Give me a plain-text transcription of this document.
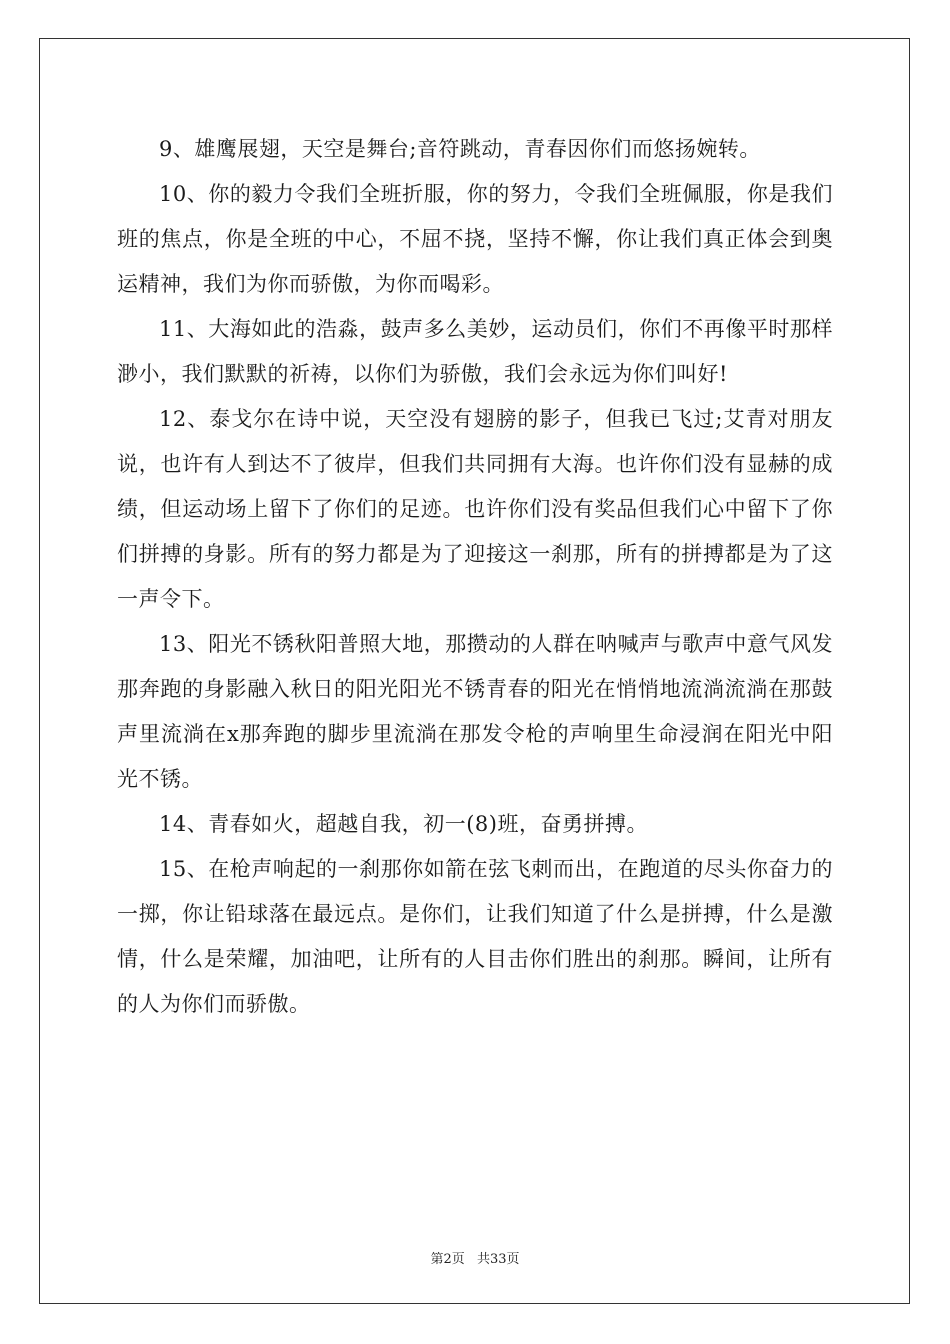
9、雄鹰展翅，天空是舞台;音符跳动，青春因你们而悠扬婉转。

10、你的毅力令我们全班折服，你的努力，令我们全班佩服，你是我们班的焦点，你是全班的中心，不屈不挠，坚持不懈，你让我们真正体会到奥运精神，我们为你而骄傲，为你而喝彩。

11、大海如此的浩淼，鼓声多么美妙，运动员们，你们不再像平时那样渺小，我们默默的祈祷，以你们为骄傲，我们会永远为你们叫好!

12、泰戈尔在诗中说，天空没有翅膀的影子，但我已飞过;艾青对朋友说，也许有人到达不了彼岸，但我们共同拥有大海。也许你们没有显赫的成绩，但运动场上留下了你们的足迹。也许你们没有奖品但我们心中留下了你们拼搏的身影。所有的努力都是为了迎接这一刹那，所有的拼搏都是为了这一声令下。

13、阳光不锈秋阳普照大地，那攒动的人群在呐喊声与歌声中意气风发那奔跑的身影融入秋日的阳光阳光不锈青春的阳光在悄悄地流淌流淌在那鼓声里流淌在x那奔跑的脚步里流淌在那发令枪的声响里生命浸润在阳光中阳光不锈。

14、青春如火，超越自我，初一(8)班，奋勇拼搏。

15、在枪声响起的一刹那你如箭在弦飞刺而出，在跑道的尽头你奋力的一掷，你让铅球落在最远点。是你们，让我们知道了什么是拼搏，什么是激情，什么是荣耀，加油吧，让所有的人目击你们胜出的刹那。瞬间，让所有的人为你们而骄傲。

第2页 共33页
